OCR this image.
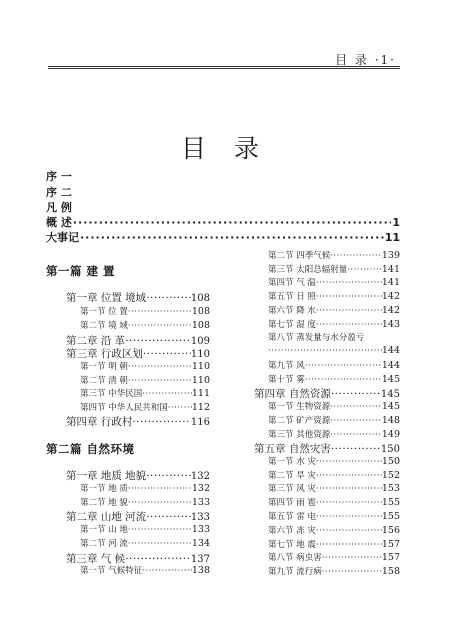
目 录 ·1·
目 录
序 一
序 二
凡 例
概 述 ·····	1
大事记 ·····	11
第一篇 建 置
第一章 位置 境域 ·····	108
第一节 位 置 ·····	108
第二节 境 域 ·····	108
第二章 沿 革 ·····	109
第三章 行政区划 ·····	110
第一节 明 朝 ·····	110
第二节 清 朝 ·····	110
第三节 中华民国 ·····	111
第四节 中华人民共和国 ·····	112
第四章 行政村 ·····	116
第二篇 自然环境
第一章 地质 地貌 ·····	132
第一节 地 质 ·····	132
第二节 地 貌 ·····	133
第二章 山地 河流 ·····	133
第一节 山 地 ·····	133
第二节 河 流 ·····	134
第三章 气 候 ·····	137
第一节 气候特征 ·····	138
第二节 四季气候 ·····	139
第三节 太阳总辐射量 ·····	141
第四节 气 温 ·····	141
第五节 日 照 ·····	142
第六节 降 水 ·····	142
第七节 湿 度 ·····	143
第八节 蒸发量与水分盈亏
·····
144
第九节 风 ·····	144
第十节 雾 ·····	145
第四章 自然资源 ·····	145
第一节 生物资源 ·····	145
第二节 矿产资源 ·····	148
第三节 其他资源 ·····	149
第五章 自然灾害 ·····	150
第一节 水 灾 ·····	150
第二节 旱 灾 ·····	152
第三节 风 灾 ·····	153
第四节 雨 雹 ·····	155
第五节 雷 电 ·····	155
第六节 冻 灾 ·····	156
第七节 地 震 ·····	157
第八节 病虫害 ·····	157
第九节 流行病 ·····	158
